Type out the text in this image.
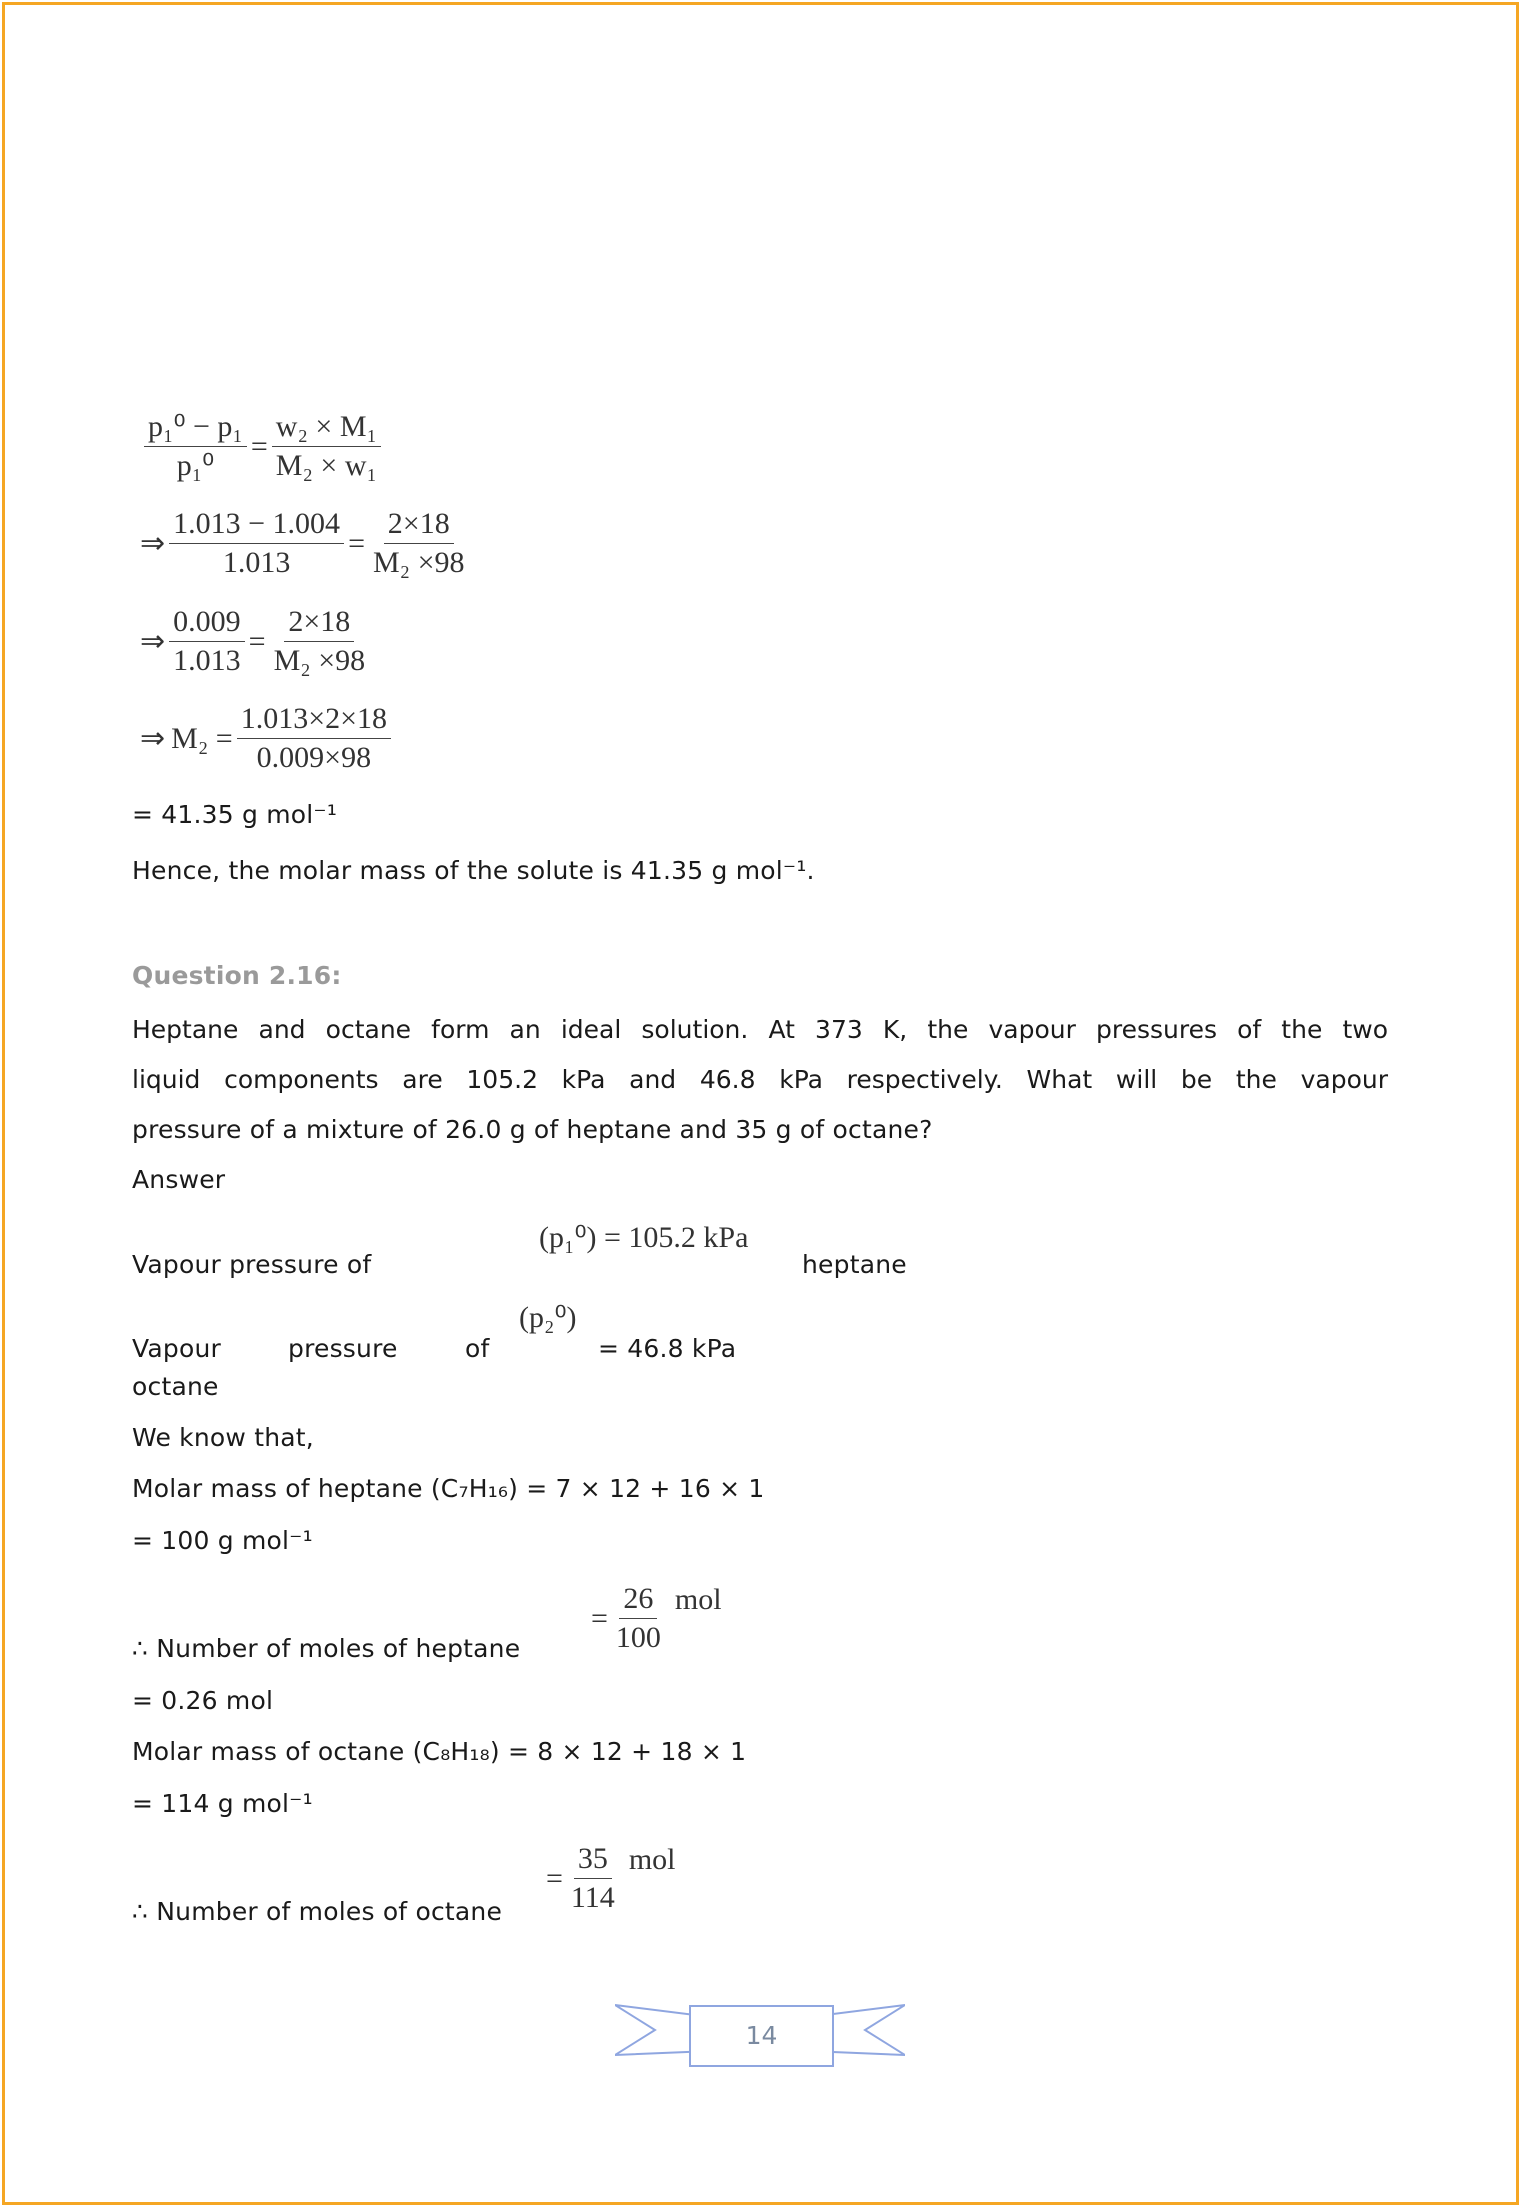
$\frac{\text{p₁⁰ − p₁}}{\text{p₁⁰}} = \frac{\text{w₂ × M₁}}{\text{M₂ × w₁}}$
⇒ $\frac{1.013 - 1.004}{1.013} = \frac{2\times 18}{\text{M₂ ×98}}$
⇒ $\frac{0.009}{1.013} = \frac{2\times 18}{\text{M₂ ×98}}$
⇒ $M_2 = \frac{1.013\times 2\times 18}{0.009\times 98}$
= 41.35 g mol⁻¹
Hence, the molar mass of the solute is 41.35 g mol⁻¹.
Question 2.16:
Heptane and octane form an ideal solution. At 373 K, the vapour pressures of the two
liquid components are 105.2 kPa and 46.8 kPa respectively. What will be the vapour
pressure of a mixture of 26.0 g of heptane and 35 g of octane?
Answer
Vapour pressure of
(p₁⁰) = 105.2 kPa
heptane
Vapour	pressure	of
(p₂⁰)
= 46.8 kPa
octane
We know that,
Molar mass of heptane (C₇H₁₆) = 7 × 12 + 16 × 1
= 100 g mol⁻¹
∴ Number of moles of heptane
= $\frac{26}{100}$ mol
= 0.26 mol
Molar mass of octane (C₈H₁₈) = 8 × 12 + 18 × 1
= 114 g mol⁻¹
∴ Number of moles of octane
= $\frac{35}{114}$ mol
14
